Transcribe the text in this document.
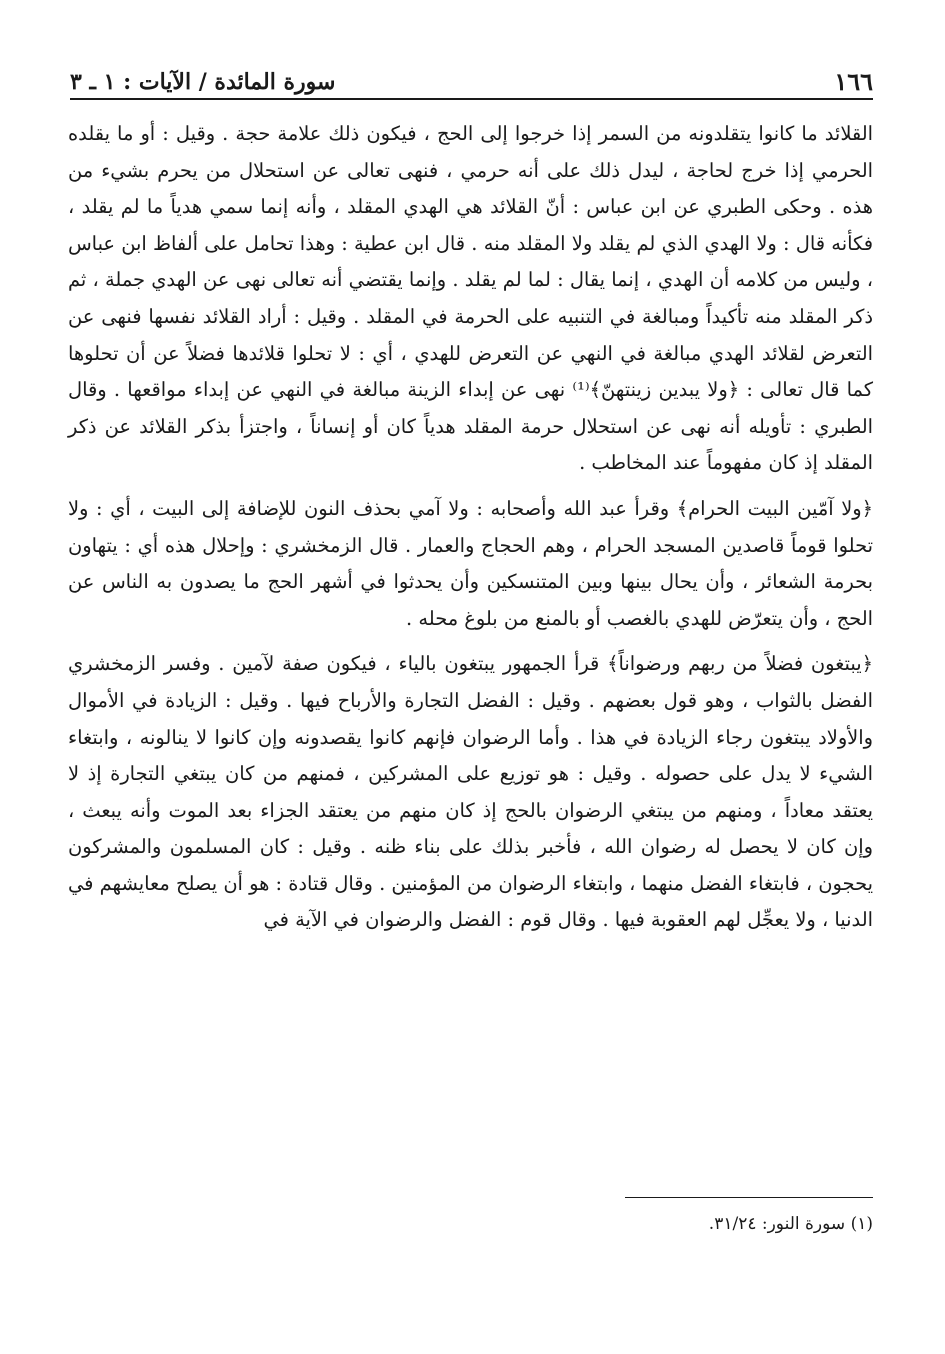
١٦٦
سورة المائدة / الآيات : ١ ـ ٣

القلائد ما كانوا يتقلدونه من السمر إذا خرجوا إلى الحج ، فيكون ذلك علامة حجة . وقيل : أو ما يقلده الحرمي إذا خرج لحاجة ، ليدل ذلك على أنه حرمي ، فنهى تعالى عن استحلال من يحرم بشيء من هذه . وحكى الطبري عن ابن عباس : أنّ القلائد هي الهدي المقلد ، وأنه إنما سمي هدياً ما لم يقلد ، فكأنه قال : ولا الهدي الذي لم يقلد ولا المقلد منه . قال ابن عطية : وهذا تحامل على ألفاظ ابن عباس ، وليس من كلامه أن الهدي ، إنما يقال : لما لم يقلد . وإنما يقتضي أنه تعالى نهى عن الهدي جملة ، ثم ذكر المقلد منه تأكيداً ومبالغة في التنبيه على الحرمة في المقلد . وقيل : أراد القلائد نفسها فنهى عن التعرض لقلائد الهدي مبالغة في النهي عن التعرض للهدي ، أي : لا تحلوا قلائدها فضلاً عن أن تحلوها كما قال تعالى : ﴿ولا يبدين زينتهنّ﴾⁽¹⁾ نهى عن إبداء الزينة مبالغة في النهي عن إبداء مواقعها . وقال الطبري : تأويله أنه نهى عن استحلال حرمة المقلد هدياً كان أو إنساناً ، واجتزأ بذكر القلائد عن ذكر المقلد إذ كان مفهوماً عند المخاطب .

﴿ولا آمّين البيت الحرام﴾ وقرأ عبد الله وأصحابه : ولا آمي بحذف النون للإضافة إلى البيت ، أي : ولا تحلوا قوماً قاصدين المسجد الحرام ، وهم الحجاج والعمار . قال الزمخشري : وإحلال هذه أي : يتهاون بحرمة الشعائر ، وأن يحال بينها وبين المتنسكين وأن يحدثوا في أشهر الحج ما يصدون به الناس عن الحج ، وأن يتعرّض للهدي بالغصب أو بالمنع من بلوغ محله .

﴿يبتغون فضلاً من ربهم ورضواناً﴾ قرأ الجمهور يبتغون بالياء ، فيكون صفة لآمين . وفسر الزمخشري الفضل بالثواب ، وهو قول بعضهم . وقيل : الفضل التجارة والأرباح فيها . وقيل : الزيادة في الأموال والأولاد يبتغون رجاء الزيادة في هذا . وأما الرضوان فإنهم كانوا يقصدونه وإن كانوا لا ينالونه ، وابتغاء الشيء لا يدل على حصوله . وقيل : هو توزيع على المشركين ، فمنهم من كان يبتغي التجارة إذ لا يعتقد معاداً ، ومنهم من يبتغي الرضوان بالحج إذ كان منهم من يعتقد الجزاء بعد الموت وأنه يبعث ، وإن كان لا يحصل له رضوان الله ، فأخبر بذلك على بناء ظنه . وقيل : كان المسلمون والمشركون يحجون ، فابتغاء الفضل منهما ، وابتغاء الرضوان من المؤمنين . وقال قتادة : هو أن يصلح معايشهم في الدنيا ، ولا يعجِّل لهم العقوبة فيها . وقال قوم : الفضل والرضوان في الآية في

(١) سورة النور: ٣١/٢٤.
